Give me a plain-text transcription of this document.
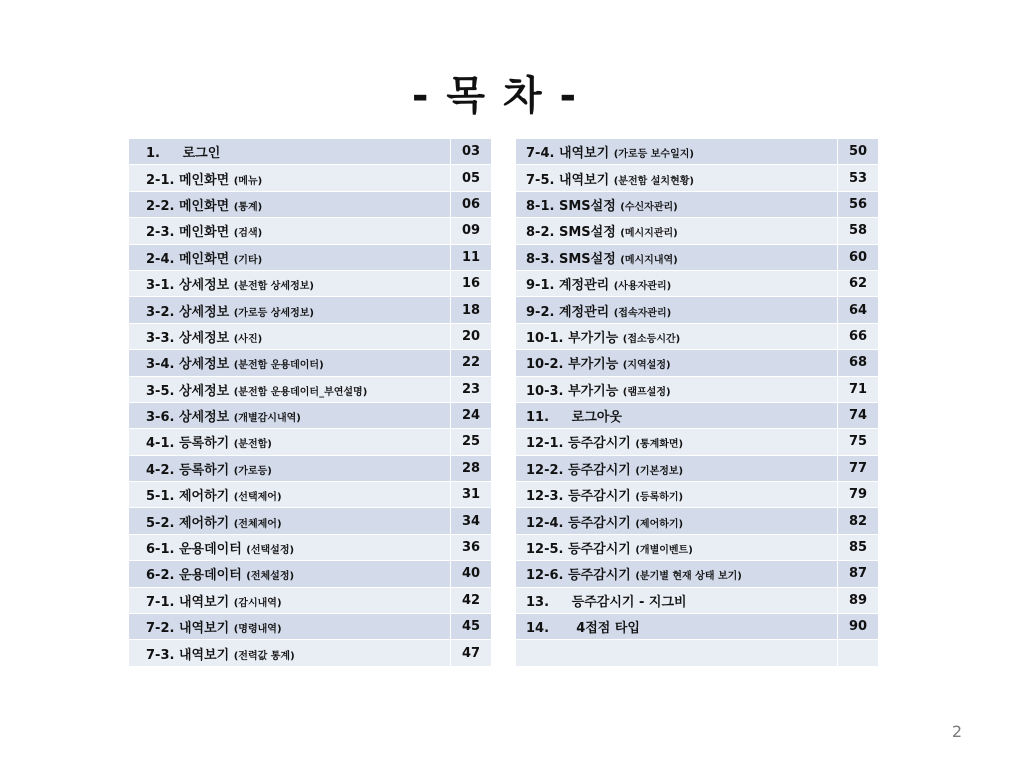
- 목 차 -
1. 로그인	03
2-1. 메인화면 (메뉴)	05
2-2. 메인화면 (통계)	06
2-3. 메인화면 (검색)	09
2-4. 메인화면 (기타)	11
3-1. 상세정보 (분전함 상세정보)	16
3-2. 상세정보 (가로등 상세정보)	18
3-3. 상세정보 (사진)	20
3-4. 상세정보 (분전함 운용데이터)	22
3-5. 상세정보 (분전함 운용데이터_부연설명)	23
3-6. 상세정보 (개별감시내역)	24
4-1. 등록하기 (분전함)	25
4-2. 등록하기 (가로등)	28
5-1. 제어하기 (선택제어)	31
5-2. 제어하기 (전체제어)	34
6-1. 운용데이터 (선택설정)	36
6-2. 운용데이터 (전체설정)	40
7-1. 내역보기 (감시내역)	42
7-2. 내역보기 (명령내역)	45
7-3. 내역보기 (전력값 통계)	47
7-4. 내역보기 (가로등 보수일지)	50
7-5. 내역보기 (분전함 설치현황)	53
8-1. SMS설정 (수신자관리)	56
8-2. SMS설정 (메시지관리)	58
8-3. SMS설정 (메시지내역)	60
9-1. 계정관리 (사용자관리)	62
9-2. 계정관리 (접속자관리)	64
10-1. 부가기능 (접소등시간)	66
10-2. 부가기능 (지역설정)	68
10-3. 부가기능 (램프설정)	71
11. 로그아웃	74
12-1. 등주감시기 (통계화면)	75
12-2. 등주감시기 (기본정보)	77
12-3. 등주감시기 (등록하기)	79
12-4. 등주감시기 (제어하기)	82
12-5. 등주감시기 (개별이벤트)	85
12-6. 등주감시기 (분기별 현재 상태 보기)	87
13. 등주감시기 - 지그비	89
14. 4접점 타입	90

2
